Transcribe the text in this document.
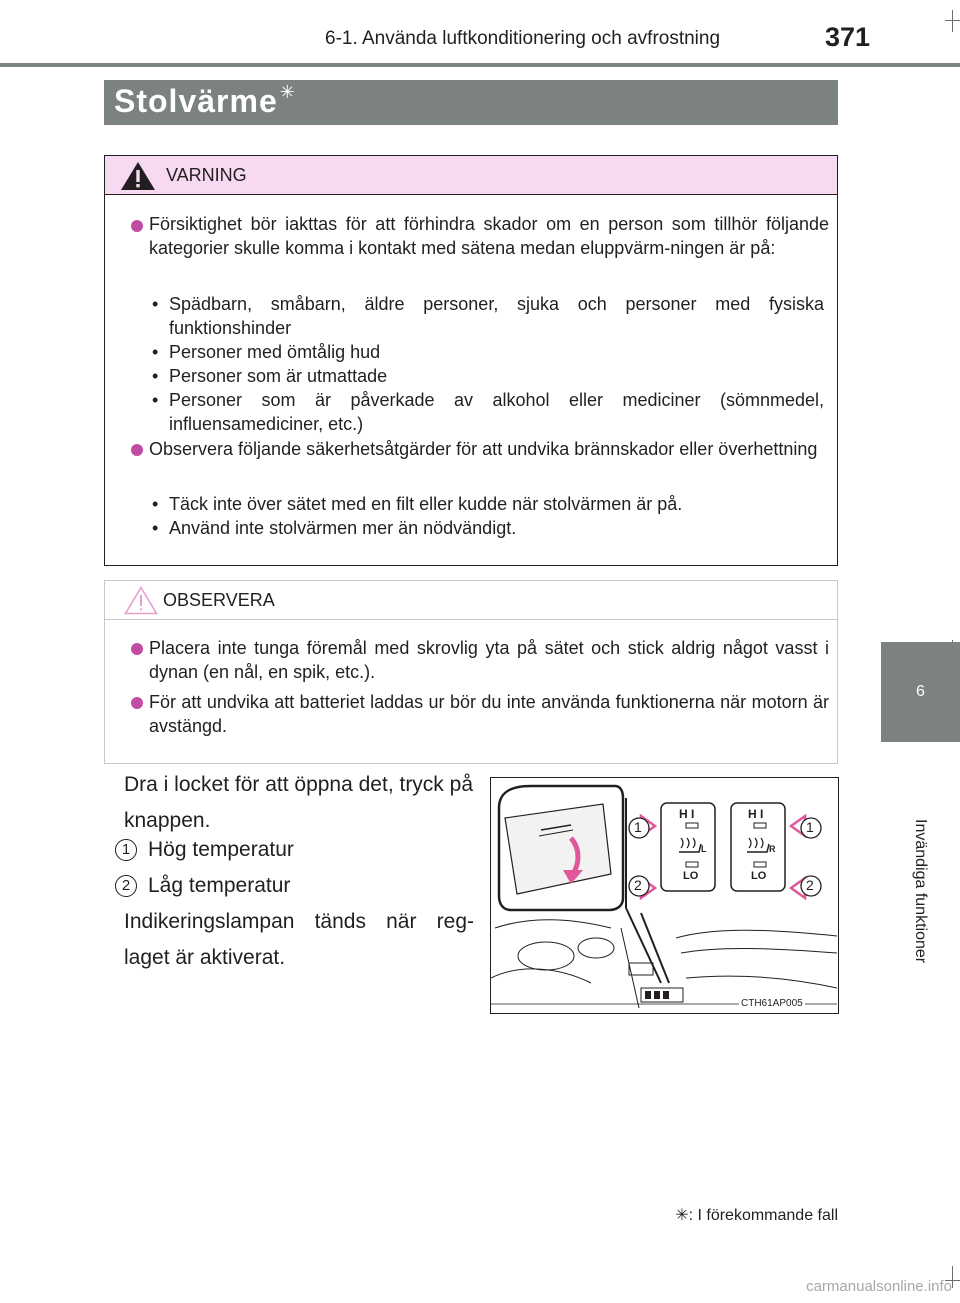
6-1. Använda luftkonditionering och avfrostning	371
6
Invändiga funktioner
Stolvärme ✳
VARNING
Försiktighet bör iakttas för att förhindra skador om en person som tillhör följande kategorier skulle komma i kontakt med sätena medan eluppvärm-ningen är på:
• Spädbarn, småbarn, äldre personer, sjuka och personer med fysiska funktionshinder
• Personer med ömtålig hud
• Personer som är utmattade
• Personer som är påverkade av alkohol eller mediciner (sömnmedel, influensamediciner, etc.)
Observera följande säkerhetsåtgärder för att undvika brännskador eller överhettning
• Täck inte över sätet med en filt eller kudde när stolvärmen är på.
• Använd inte stolvärmen mer än nödvändigt.
OBSERVERA
Placera inte tunga föremål med skrovlig yta på sätet och stick aldrig något vasst i dynan (en nål, en spik, etc.).
För att undvika att batteriet laddas ur bör du inte använda funktionerna när motorn är avstängd.
Dra i locket för att öppna det, tryck på knappen.
1 Hög temperatur
2 Låg temperatur
Indikeringslampan tänds när reg-laget är aktiverat.
H I
LO
L
H I
LO
R
1
2
1
2
CTH61AP005
✳: I förekommande fall
carmanualsonline.info
